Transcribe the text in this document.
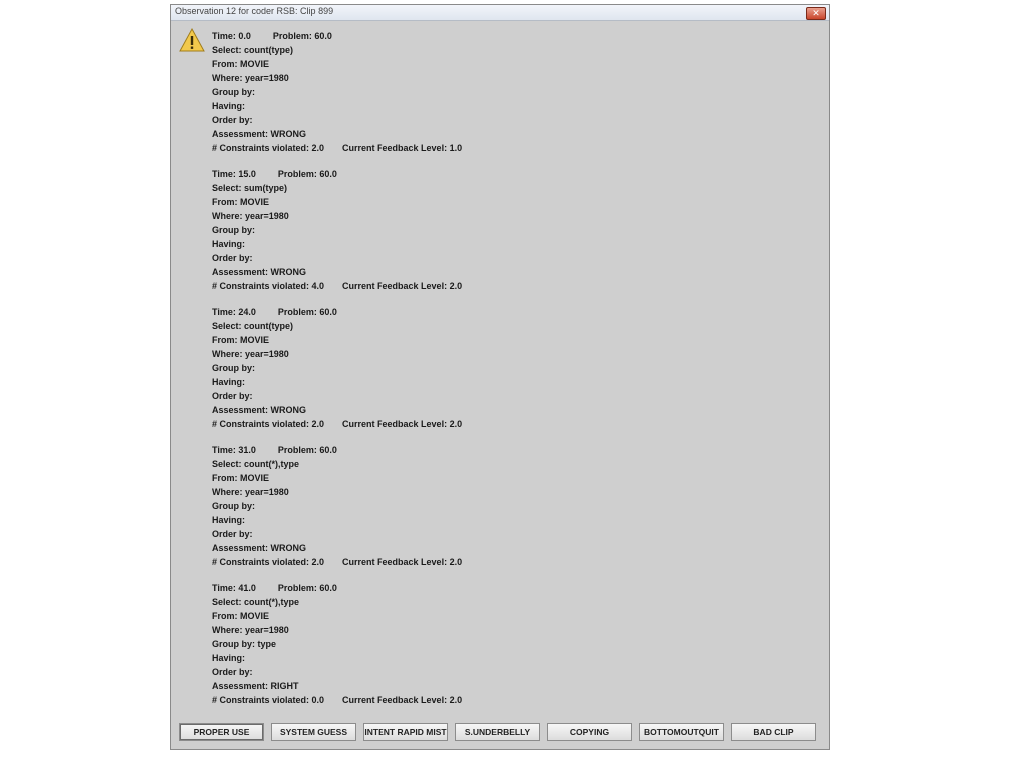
Observation 12 for coder RSB: Clip 899	✕
Time: 0.0 Problem: 60.0
Select: count(type)
From: MOVIE
Where: year=1980
Group by:
Having:
Order by:
Assessment: WRONG
# Constraints violated: 2.0 Current Feedback Level: 1.0
Time: 15.0 Problem: 60.0
Select: sum(type)
From: MOVIE
Where: year=1980
Group by:
Having:
Order by:
Assessment: WRONG
# Constraints violated: 4.0 Current Feedback Level: 2.0
Time: 24.0 Problem: 60.0
Select: count(type)
From: MOVIE
Where: year=1980
Group by:
Having:
Order by:
Assessment: WRONG
# Constraints violated: 2.0 Current Feedback Level: 2.0
Time: 31.0 Problem: 60.0
Select: count(*),type
From: MOVIE
Where: year=1980
Group by:
Having:
Order by:
Assessment: WRONG
# Constraints violated: 2.0 Current Feedback Level: 2.0
Time: 41.0 Problem: 60.0
Select: count(*),type
From: MOVIE
Where: year=1980
Group by: type
Having:
Order by:
Assessment: RIGHT
# Constraints violated: 0.0 Current Feedback Level: 2.0
PROPER USE	SYSTEM GUESS	INTENT RAPID MIST	S.UNDERBELLY	COPYING	BOTTOMOUTQUIT	BAD CLIP
